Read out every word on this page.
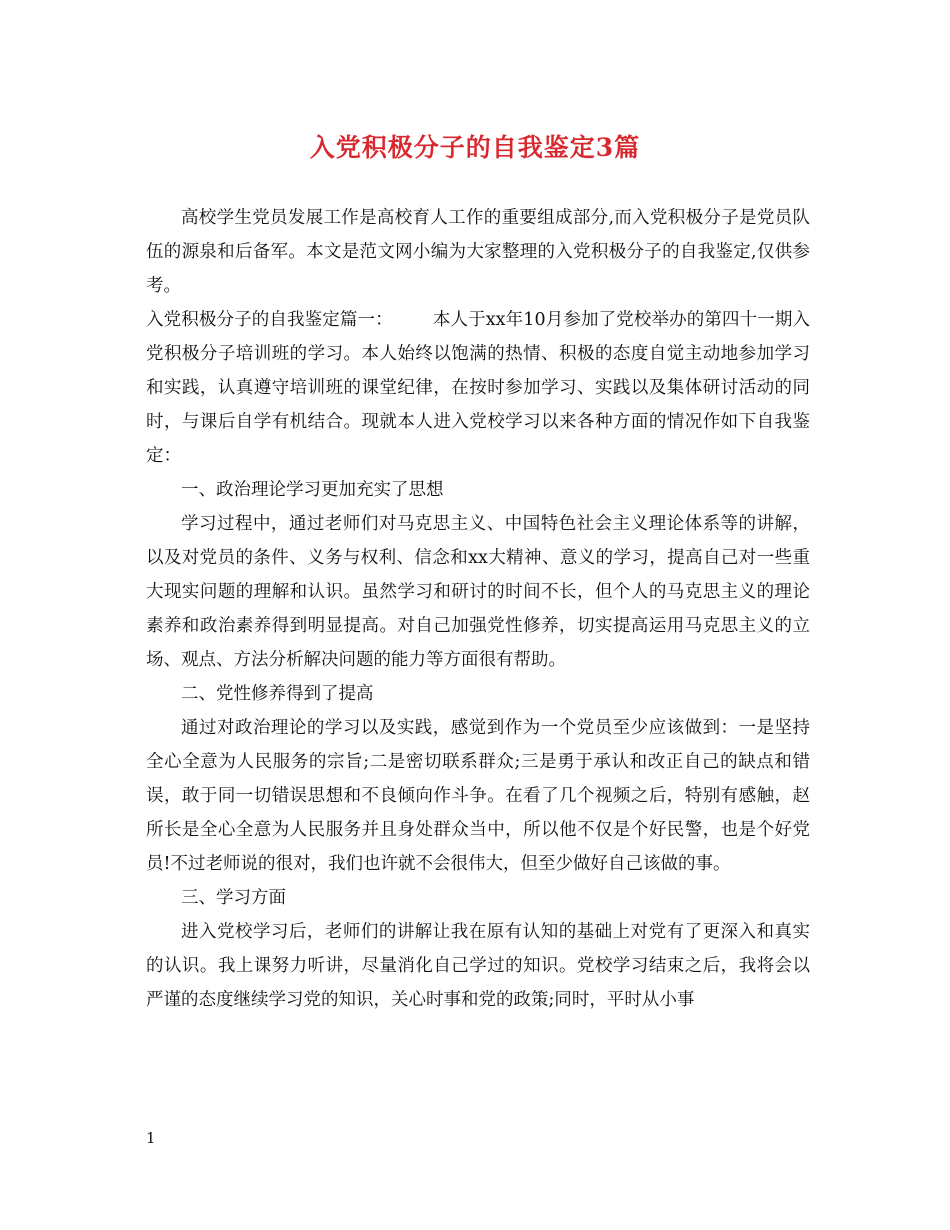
入党积极分子的自我鉴定3篇

高校学生党员发展工作是高校育人工作的重要组成部分,而入党积极分子是党员队伍的源泉和后备军。本文是范文网小编为大家整理的入党积极分子的自我鉴定,仅供参考。

入党积极分子的自我鉴定篇一： 本人于xx年10月参加了党校举办的第四十一期入党积极分子培训班的学习。本人始终以饱满的热情、积极的态度自觉主动地参加学习和实践，认真遵守培训班的课堂纪律，在按时参加学习、实践以及集体研讨活动的同时，与课后自学有机结合。现就本人进入党校学习以来各种方面的情况作如下自我鉴定：

一、政治理论学习更加充实了思想

学习过程中，通过老师们对马克思主义、中国特色社会主义理论体系等的讲解，以及对党员的条件、义务与权利、信念和xx大精神、意义的学习，提高自己对一些重大现实问题的理解和认识。虽然学习和研讨的时间不长，但个人的马克思主义的理论素养和政治素养得到明显提高。对自己加强党性修养，切实提高运用马克思主义的立场、观点、方法分析解决问题的能力等方面很有帮助。

二、党性修养得到了提高

通过对政治理论的学习以及实践，感觉到作为一个党员至少应该做到：一是坚持全心全意为人民服务的宗旨;二是密切联系群众;三是勇于承认和改正自己的缺点和错误，敢于同一切错误思想和不良倾向作斗争。在看了几个视频之后，特别有感触，赵所长是全心全意为人民服务并且身处群众当中，所以他不仅是个好民警，也是个好党员!不过老师说的很对，我们也许就不会很伟大，但至少做好自己该做的事。

三、学习方面

进入党校学习后，老师们的讲解让我在原有认知的基础上对党有了更深入和真实的认识。我上课努力听讲，尽量消化自己学过的知识。党校学习结束之后，我将会以严谨的态度继续学习党的知识，关心时事和党的政策;同时，平时从小事

1
